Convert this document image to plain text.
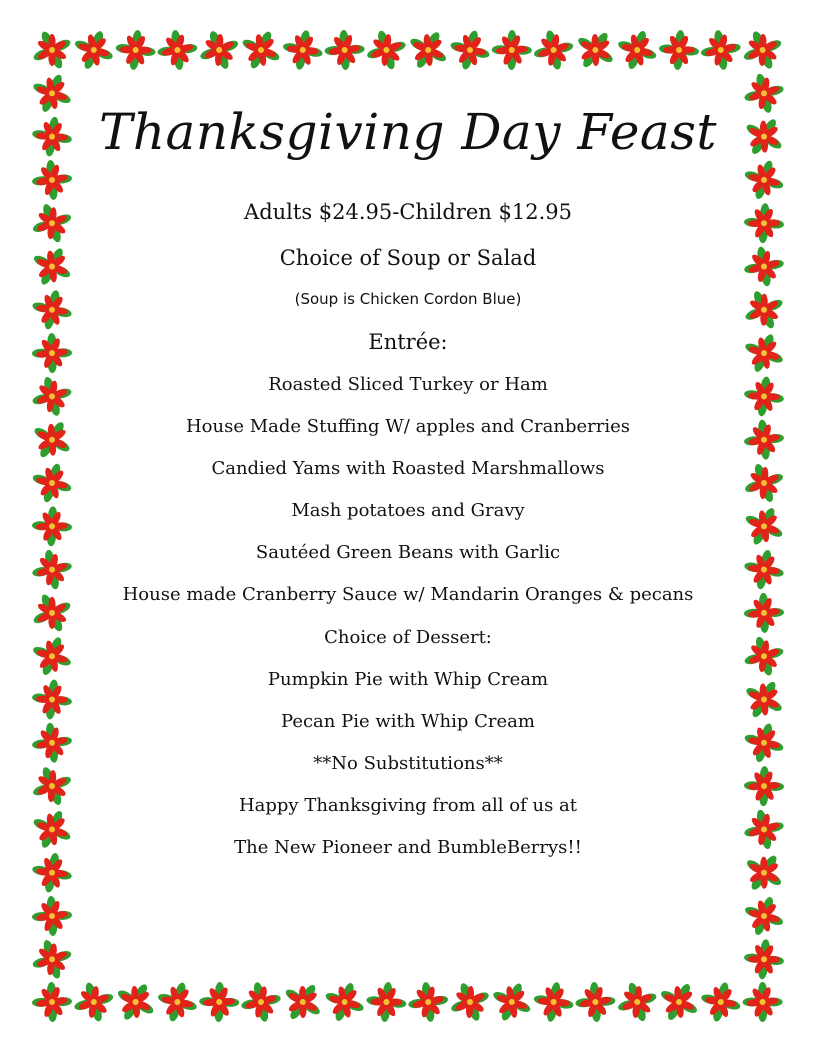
Thanksgiving Day Feast
Adults $24.95-Children $12.95
Choice of Soup or Salad
(Soup is Chicken Cordon Blue)
Entrée:
Roasted Sliced Turkey or Ham
House Made Stuffing W/ apples and Cranberries
Candied Yams with Roasted Marshmallows
Mash potatoes and Gravy
Sautéed Green Beans with Garlic
House made Cranberry Sauce w/ Mandarin Oranges & pecans
Choice of Dessert:
Pumpkin Pie with Whip Cream
Pecan Pie with Whip Cream
**No Substitutions**
Happy Thanksgiving from all of us at
The New Pioneer and BumbleBerrys!!
